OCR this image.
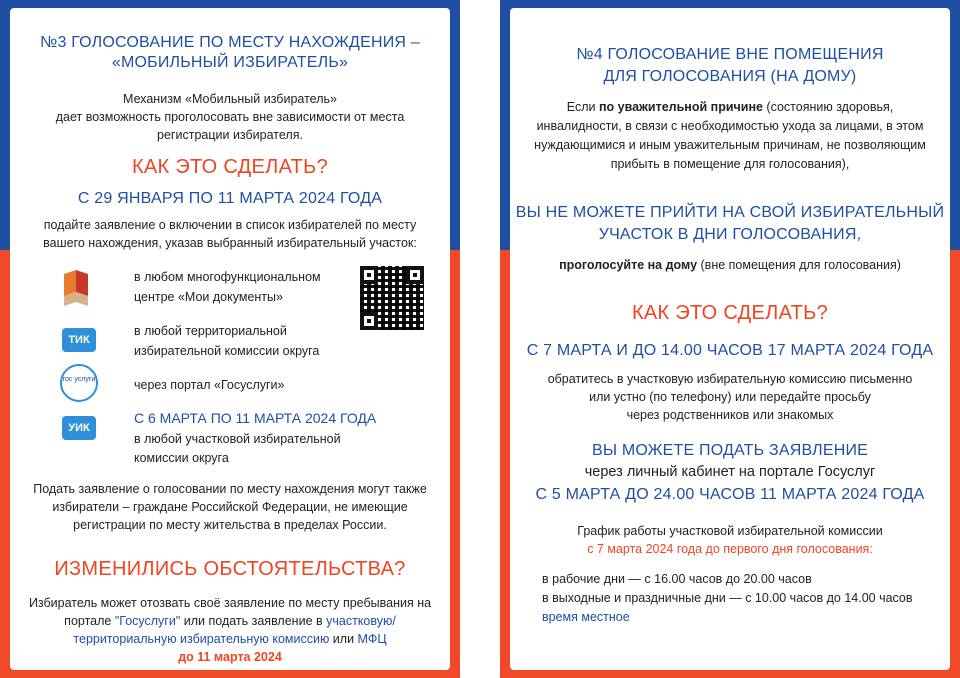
№3 ГОЛОСОВАНИЕ ПО МЕСТУ НАХОЖДЕНИЯ –
«МОБИЛЬНЫЙ ИЗБИРАТЕЛЬ»
Механизм «Мобильный избиратель»
дает возможность проголосовать вне зависимости от места
регистрации избирателя.
КАК ЭТО СДЕЛАТЬ?
С 29 ЯНВАРЯ ПО 11 МАРТА 2024 ГОДА
подайте заявление о включении в список избирателей по месту
вашего нахождения, указав выбранный избирательный участок:
в любом многофункциональном
центре «Мои документы»
ТИК
в любой территориальной
избирательной комиссии округа
гос услуги	через портал «Госуслуги»
УИК
С 6 МАРТА ПО 11 МАРТА 2024 ГОДА
в любой участковой избирательной
комиссии округа
Подать заявление о голосовании по месту нахождения могут также
избиратели – граждане Российской Федерации, не имеющие
регистрации по месту жительства в пределах России.
ИЗМЕНИЛИСЬ ОБСТОЯТЕЛЬСТВА?
Избиратель может отозвать своё заявление по месту пребывания на
портале "Госуслуги" или подать заявление в участковую/
территориальную избирательную комиссию или МФЦ
до 11 марта 2024
№4 ГОЛОСОВАНИЕ ВНЕ ПОМЕЩЕНИЯ
ДЛЯ ГОЛОСОВАНИЯ (НА ДОМУ)
Если по уважительной причине (состоянию здоровья,
инвалидности, в связи с необходимостью ухода за лицами, в этом
нуждающимися и иным уважительным причинам, не позволяющим
прибыть в помещение для голосования),
ВЫ НЕ МОЖЕТЕ ПРИЙТИ НА СВОЙ ИЗБИРАТЕЛЬНЫЙ
УЧАСТОК В ДНИ ГОЛОСОВАНИЯ,
проголосуйте на дому (вне помещения для голосования)
КАК ЭТО СДЕЛАТЬ?
С 7 МАРТА И ДО 14.00 ЧАСОВ 17 МАРТА 2024 ГОДА
обратитесь в участковую избирательную комиссию письменно
или устно (по телефону) или передайте просьбу
через родственников или знакомых
ВЫ МОЖЕТЕ ПОДАТЬ ЗАЯВЛЕНИЕ
через личный кабинет на портале Госуслуг
С 5 МАРТА ДО 24.00 ЧАСОВ 11 МАРТА 2024 ГОДА
График работы участковой избирательной комиссии
с 7 марта 2024 года до первого дня голосования:
в рабочие дни — с 16.00 часов до 20.00 часов
в выходные и праздничные дни — с 10.00 часов до 14.00 часов
время местное
